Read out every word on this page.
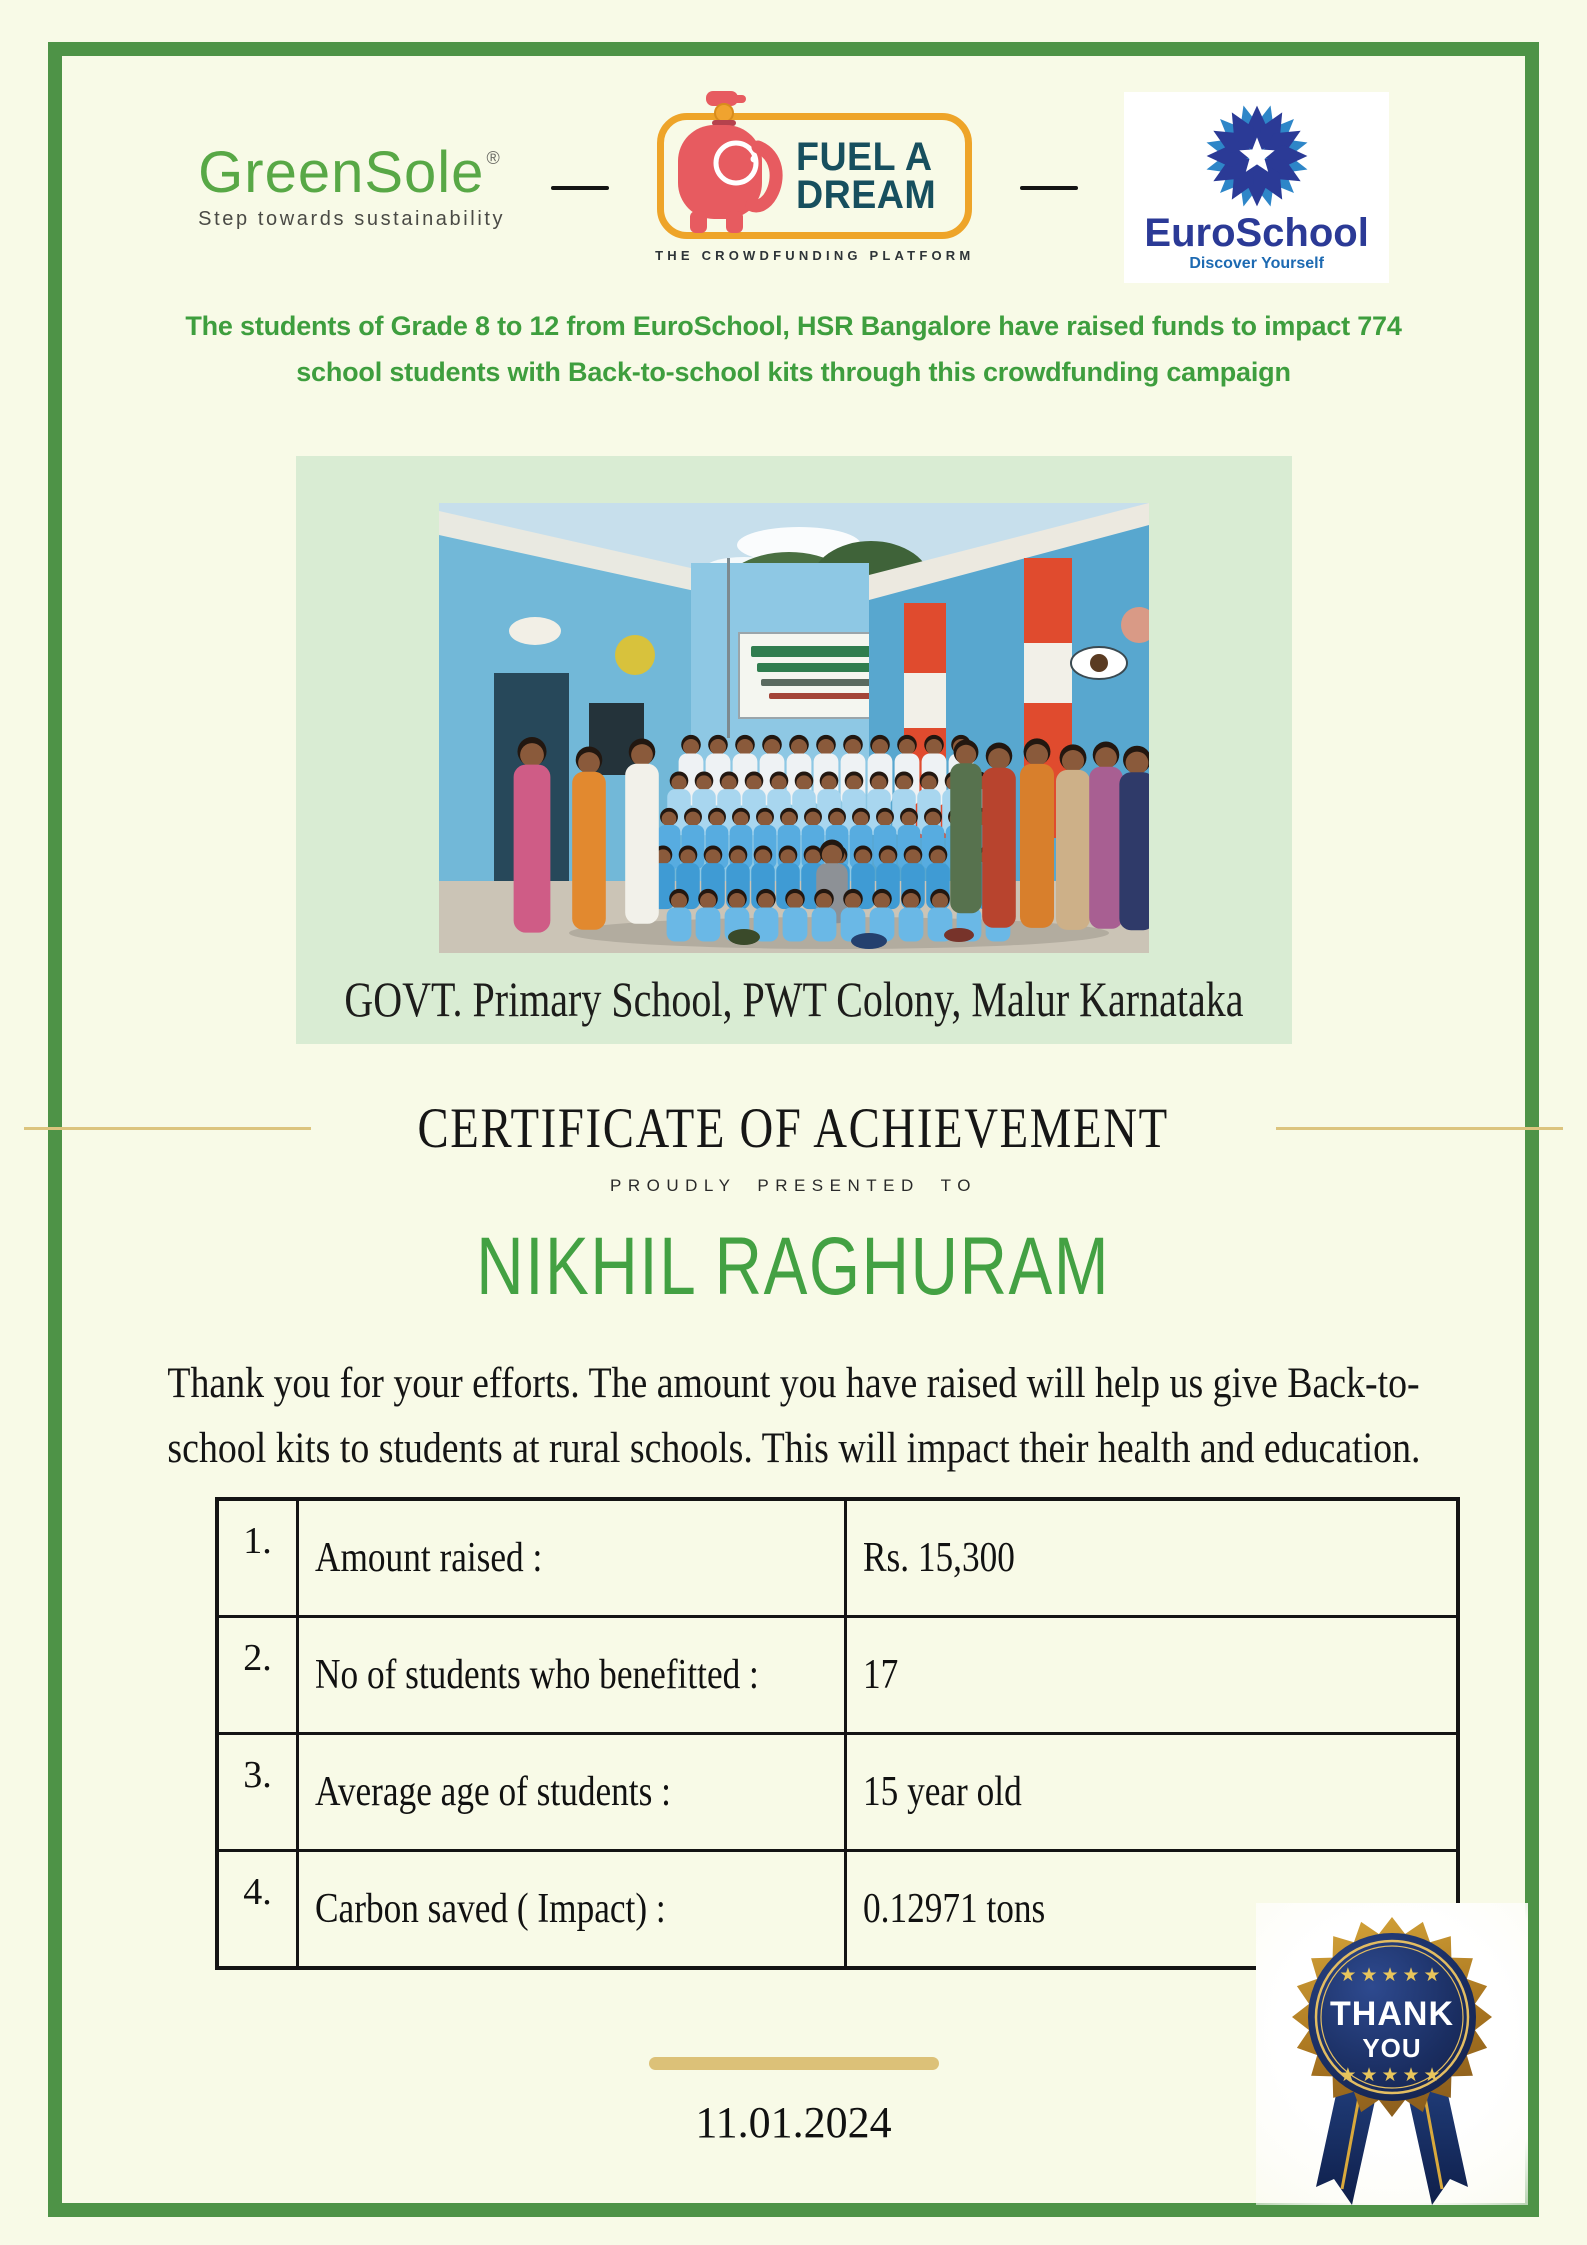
GreenSole ®
Step towards sustainability
FUEL A
DREAM
THE CROWDFUNDING PLATFORM	EuroSchool
Discover Yourself
The students of Grade 8 to 12 from EuroSchool, HSR Bangalore have raised funds to impact 774
school students with Back-to-school kits through this crowdfunding campaign
GOVT. Primary School, PWT Colony, Malur Karnataka
CERTIFICATE OF ACHIEVEMENT
PROUDLY PRESENTED TO
NIKHIL RAGHURAM
Thank you for your efforts. The amount you have raised will help us give Back-to-
school kits to students at rural schools. This will impact their health and education.
1.	Amount raised :	Rs. 15,300
2.	No of students who benefitted :	17
3.	Average age of students :	15 year old
4.	Carbon saved ( Impact) :	0.12971 tons
11.01.2024
★★★★★
THANK
YOU
★★★★★
